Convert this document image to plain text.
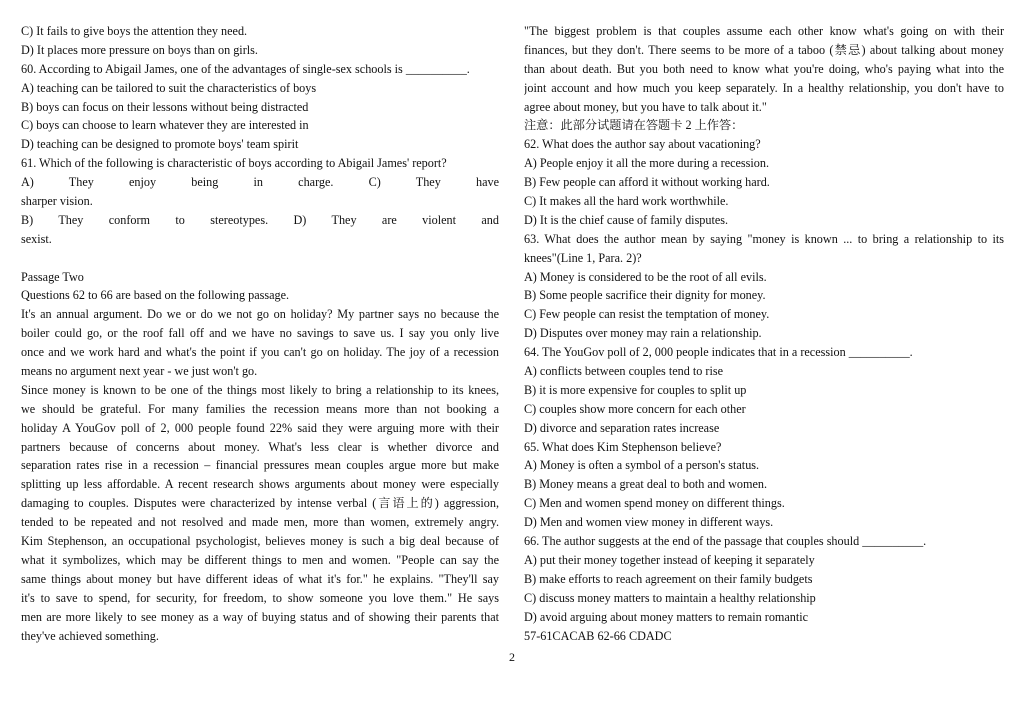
C) It fails to give boys the attention they need.
D) It places more pressure on boys than on girls.
60. According to Abigail James, one of the advantages of single-sex schools is __________.
A) teaching can be tailored to suit the characteristics of boys
B) boys can focus on their lessons without being distracted
C) boys can choose to learn whatever they are interested in
D) teaching can be designed to promote boys' team spirit
61. Which of the following is characteristic of boys according to Abigail James' report?
A) They enjoy being in charge. C) They have
sharper vision.
B) They conform to stereotypes. D) They are violent and
sexist.
Passage Two
Questions 62 to 66 are based on the following passage.
It's an annual argument. Do we or do we not go on holiday? My partner says no because the
boiler could go, or the roof fall off and we have no savings to save us. I say you only live
once and we work hard and what's the point if you can't go on holiday. The joy of a recession
means no argument next year - we just won't go.
Since money is known to be one of the things most likely to bring a relationship to its knees,
we should be grateful. For many families the recession means more than not booking a
holiday A YouGov poll of 2, 000 people found 22% said they were arguing more with their
partners because of concerns about money. What's less clear is whether divorce and
separation rates rise in a recession – financial pressures mean couples argue more but make
splitting up less affordable. A recent research shows arguments about money were especially
damaging to couples. Disputes were characterized by intense verbal (言语上的) aggression,
tended to be repeated and not resolved and made men, more than women, extremely angry.
Kim Stephenson, an occupational psychologist, believes money is such a big deal because of
what it symbolizes, which may be different things to men and women. "People can say the
same things about money but have different ideas of what it's for." he explains. "They'll say
it's to save to spend, for security, for freedom, to show someone you love them." He says
men are more likely to see money as a way of buying status and of showing their parents that
they've achieved something.
"The biggest problem is that couples assume each other know what's going on with their
finances, but they don't. There seems to be more of a taboo (禁忌) about talking about money
than about death. But you both need to know what you're doing, who's paying what into the
joint account and how much you keep separately. In a healthy relationship, you don't have to
agree about money, but you have to talk about it."
注意：此部分试题请在答题卡 2 上作答：
62. What does the author say about vacationing?
A) People enjoy it all the more during a recession.
B) Few people can afford it without working hard.
C) It makes all the hard work worthwhile.
D) It is the chief cause of family disputes.
63. What does the author mean by saying "money is known ... to bring a relationship to its
knees"(Line 1, Para. 2)?
A) Money is considered to be the root of all evils.
B) Some people sacrifice their dignity for money.
C) Few people can resist the temptation of money.
D) Disputes over money may rain a relationship.
64. The YouGov poll of 2, 000 people indicates that in a recession __________.
A) conflicts between couples tend to rise
B) it is more expensive for couples to split up
C) couples show more concern for each other
D) divorce and separation rates increase
65. What does Kim Stephenson believe?
A) Money is often a symbol of a person's status.
B) Money means a great deal to both and women.
C) Men and women spend money on different things.
D) Men and women view money in different ways.
66. The author suggests at the end of the passage that couples should __________.
A) put their money together instead of keeping it separately
B) make efforts to reach agreement on their family budgets
C) discuss money matters to maintain a healthy relationship
D) avoid arguing about money matters to remain romantic
57-61CACAB 62-66 CDADC
2
